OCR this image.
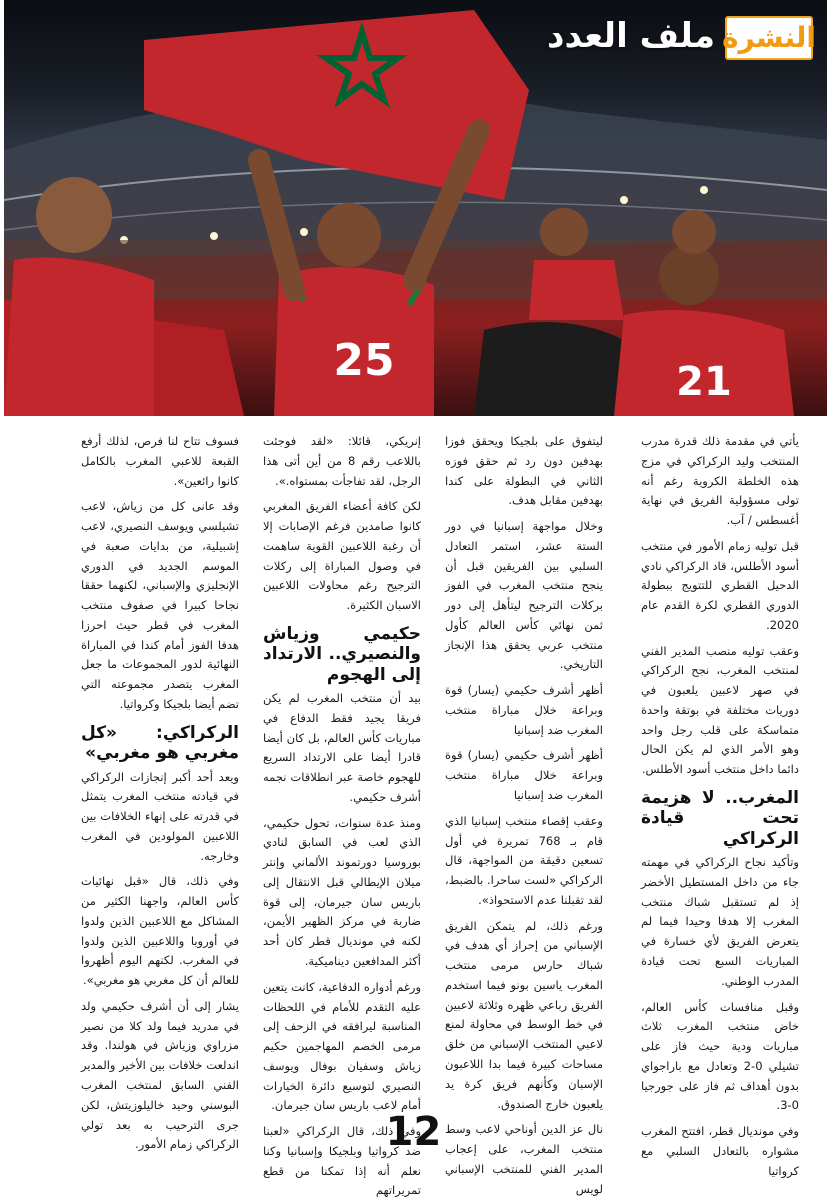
25	21
ملف العدد النشرة

يأتي في مقدمة ذلك قدرة مدرب المنتخب وليد الركراكي في مزج هذه الخلطة الكروية رغم أنه تولى مسؤولية الفريق في نهاية أغسطس / آب.

قبل توليه زمام الأمور في منتخب أسود الأطلس، قاد الركراكي نادي الدحيل القطري للتتويج ببطولة الدوري القطري لكرة القدم عام 2020.

وعقب توليه منصب المدير الفني لمنتخب المغرب، نجح الركراكي في صهر لاعبين يلعبون في دوريات مختلفة في بوتقة واحدة متماسكة على قلب رجل واحد وهو الأمر الذي لم يكن الحال دائما داخل منتخب أسود الأطلس.

المغرب.. لا هزيمة تحت قيادة الركراكي

وتأكيد نجاح الركراكي في مهمته جاء من داخل المستطيل الأخضر إذ لم تستقبل شباك منتخب المغرب إلا هدفا وحيدا فيما لم يتعرض الفريق لأي خسارة في المباريات السبع تحت قيادة المدرب الوطني.

وقبل منافسات كأس العالم، خاض منتخب المغرب ثلاث مباريات ودية حيث فاز على تشيلي 0-2 وتعادل مع باراجواي بدون أهداف ثم فاز على جورجيا 0-3.

وفي مونديال قطر، افتتح المغرب مشواره بالتعادل السلبي مع كرواتيا

ليتفوق على بلجيكا ويحقق فوزا بهدفين دون رد ثم حقق فوزه الثاني في البطولة على كندا بهدفين مقابل هدف.

وخلال مواجهة إسبانيا في دور الستة عشر، استمر التعادل السلبي بين الفريقين قبل أن ينجح منتخب المغرب في الفوز بركلات الترجيح ليتأهل إلى دور ثمن نهائي كأس العالم كأول منتخب عربي يحقق هذا الإنجاز التاريخي.

أظهر أشرف حكيمي (يسار) قوة وبراعة خلال مباراة منتخب المغرب ضد إسبانيا

أظهر أشرف حكيمي (يسار) قوة وبراعة خلال مباراة منتخب المغرب ضد إسبانيا

وعقب إقصاء منتخب إسبانيا الذي قام بـ 768 تمريرة في أول تسعين دقيقة من المواجهة، قال الركراكي «لست ساحرا. بالضبط، لقد تقبلنا عدم الاستحواذ».

ورغم ذلك، لم يتمكن الفريق الإسباني من إحراز أي هدف في شباك حارس مرمى منتخب المغرب ياسين بونو فيما استخدم الفريق رباعي ظهره وثلاثة لاعبين في خط الوسط في محاولة لمنع لاعبي المنتخب الإسباني من خلق مساحات كبيرة فيما بدا اللاعبون الإسبان وكأنهم فريق كرة يد يلعبون خارج الصندوق.

نال عز الدين أوناحي لاعب وسط منتخب المغرب، على إعجاب المدير الفني للمنتخب الإسباني لويس

إنريكي، قائلا: «لقد فوجئت باللاعب رقم 8 من أين أتى هذا الرجل، لقد تفاجأت بمستواه.».

لكن كافة أعضاء الفريق المغربي كانوا صامدين فرغم الإصابات إلا أن رغبة اللاعبين القوية ساهمت في وصول المباراة إلى ركلات الترجيح رغم محاولات اللاعبين الاسبان الكثيرة.

حكيمي وزياش والنصيري.. الارتداد إلى الهجوم

بيد أن منتخب المغرب لم يكن فريقا يجيد فقط الدفاع في مباريات كأس العالم، بل كان أيضا قادرا أيضا على الارتداد السريع للهجوم خاصة عبر انطلاقات نجمه أشرف حكيمي.

ومنذ عدة سنوات، تحول حكيمي، الذي لعب في السابق لنادي بوروسيا دورتموند الألماني وإنتر ميلان الإيطالي قبل الانتقال إلى باريس سان جيرمان، إلى قوة ضاربة في مركز الظهير الأيمن، لكنه في مونديال قطر كان أحد أكثر المدافعين ديناميكية.

ورغم أدواره الدفاعية، كانت يتعين عليه التقدم للأمام في اللحظات المناسبة ليرافقه في الزحف إلى مرمى الخصم المهاجمين حكيم زياش وسفيان بوفال ويوسف النصيري لتوسيع دائرة الخيارات أمام لاعب باريس سان جيرمان.

وفي ذلك، قال الركراكي «لعبنا ضد كرواتيا وبلجيكا وإسبانيا وكنا نعلم أنه إذا تمكنا من قطع تمريراتهم

فسوف تتاح لنا فرص، لذلك أرفع القبعة للاعبي المغرب بالكامل كانوا رائعين».

وقد عانى كل من زياش، لاعب تشيلسي ويوسف النصيري، لاعب إشبيلية، من بدايات صعبة في الموسم الجديد في الدوري الإنجليزي والإسباني، لكنهما حققا نجاحا كبيرا في صفوف منتخب المغرب في قطر حيث احرزا هدفا الفوز أمام كندا في المباراة النهائية لدور المجموعات ما جعل المغرب يتصدر مجموعته التي تضم أيضا بلجيكا وكرواتيا.

الركراكي: «كل مغربي هو مغربي»

ويعد أحد أكبر إنجازات الركراكي في قيادته منتخب المغرب يتمثل في قدرته على إنهاء الخلافات بين اللاعبين المولودين في المغرب وخارجه.

وفي ذلك، قال «قبل نهائيات كأس العالم، واجهنا الكثير من المشاكل مع اللاعبين الذين ولدوا في أوروبا واللاعبين الذين ولدوا في المغرب. لكنهم اليوم أظهروا للعالم أن كل مغربي هو مغربي».

يشار إلى أن أشرف حكيمي ولد في مدريد فيما ولد كلا من نصير مزراوي وزياش في هولندا. وقد اندلعت خلافات بين الأخير والمدير الفني السابق لمنتخب المغرب البوسني وحيد خاليلوزيتش، لكن جرى الترحيب به بعد تولي الركراكي زمام الأمور.	12
